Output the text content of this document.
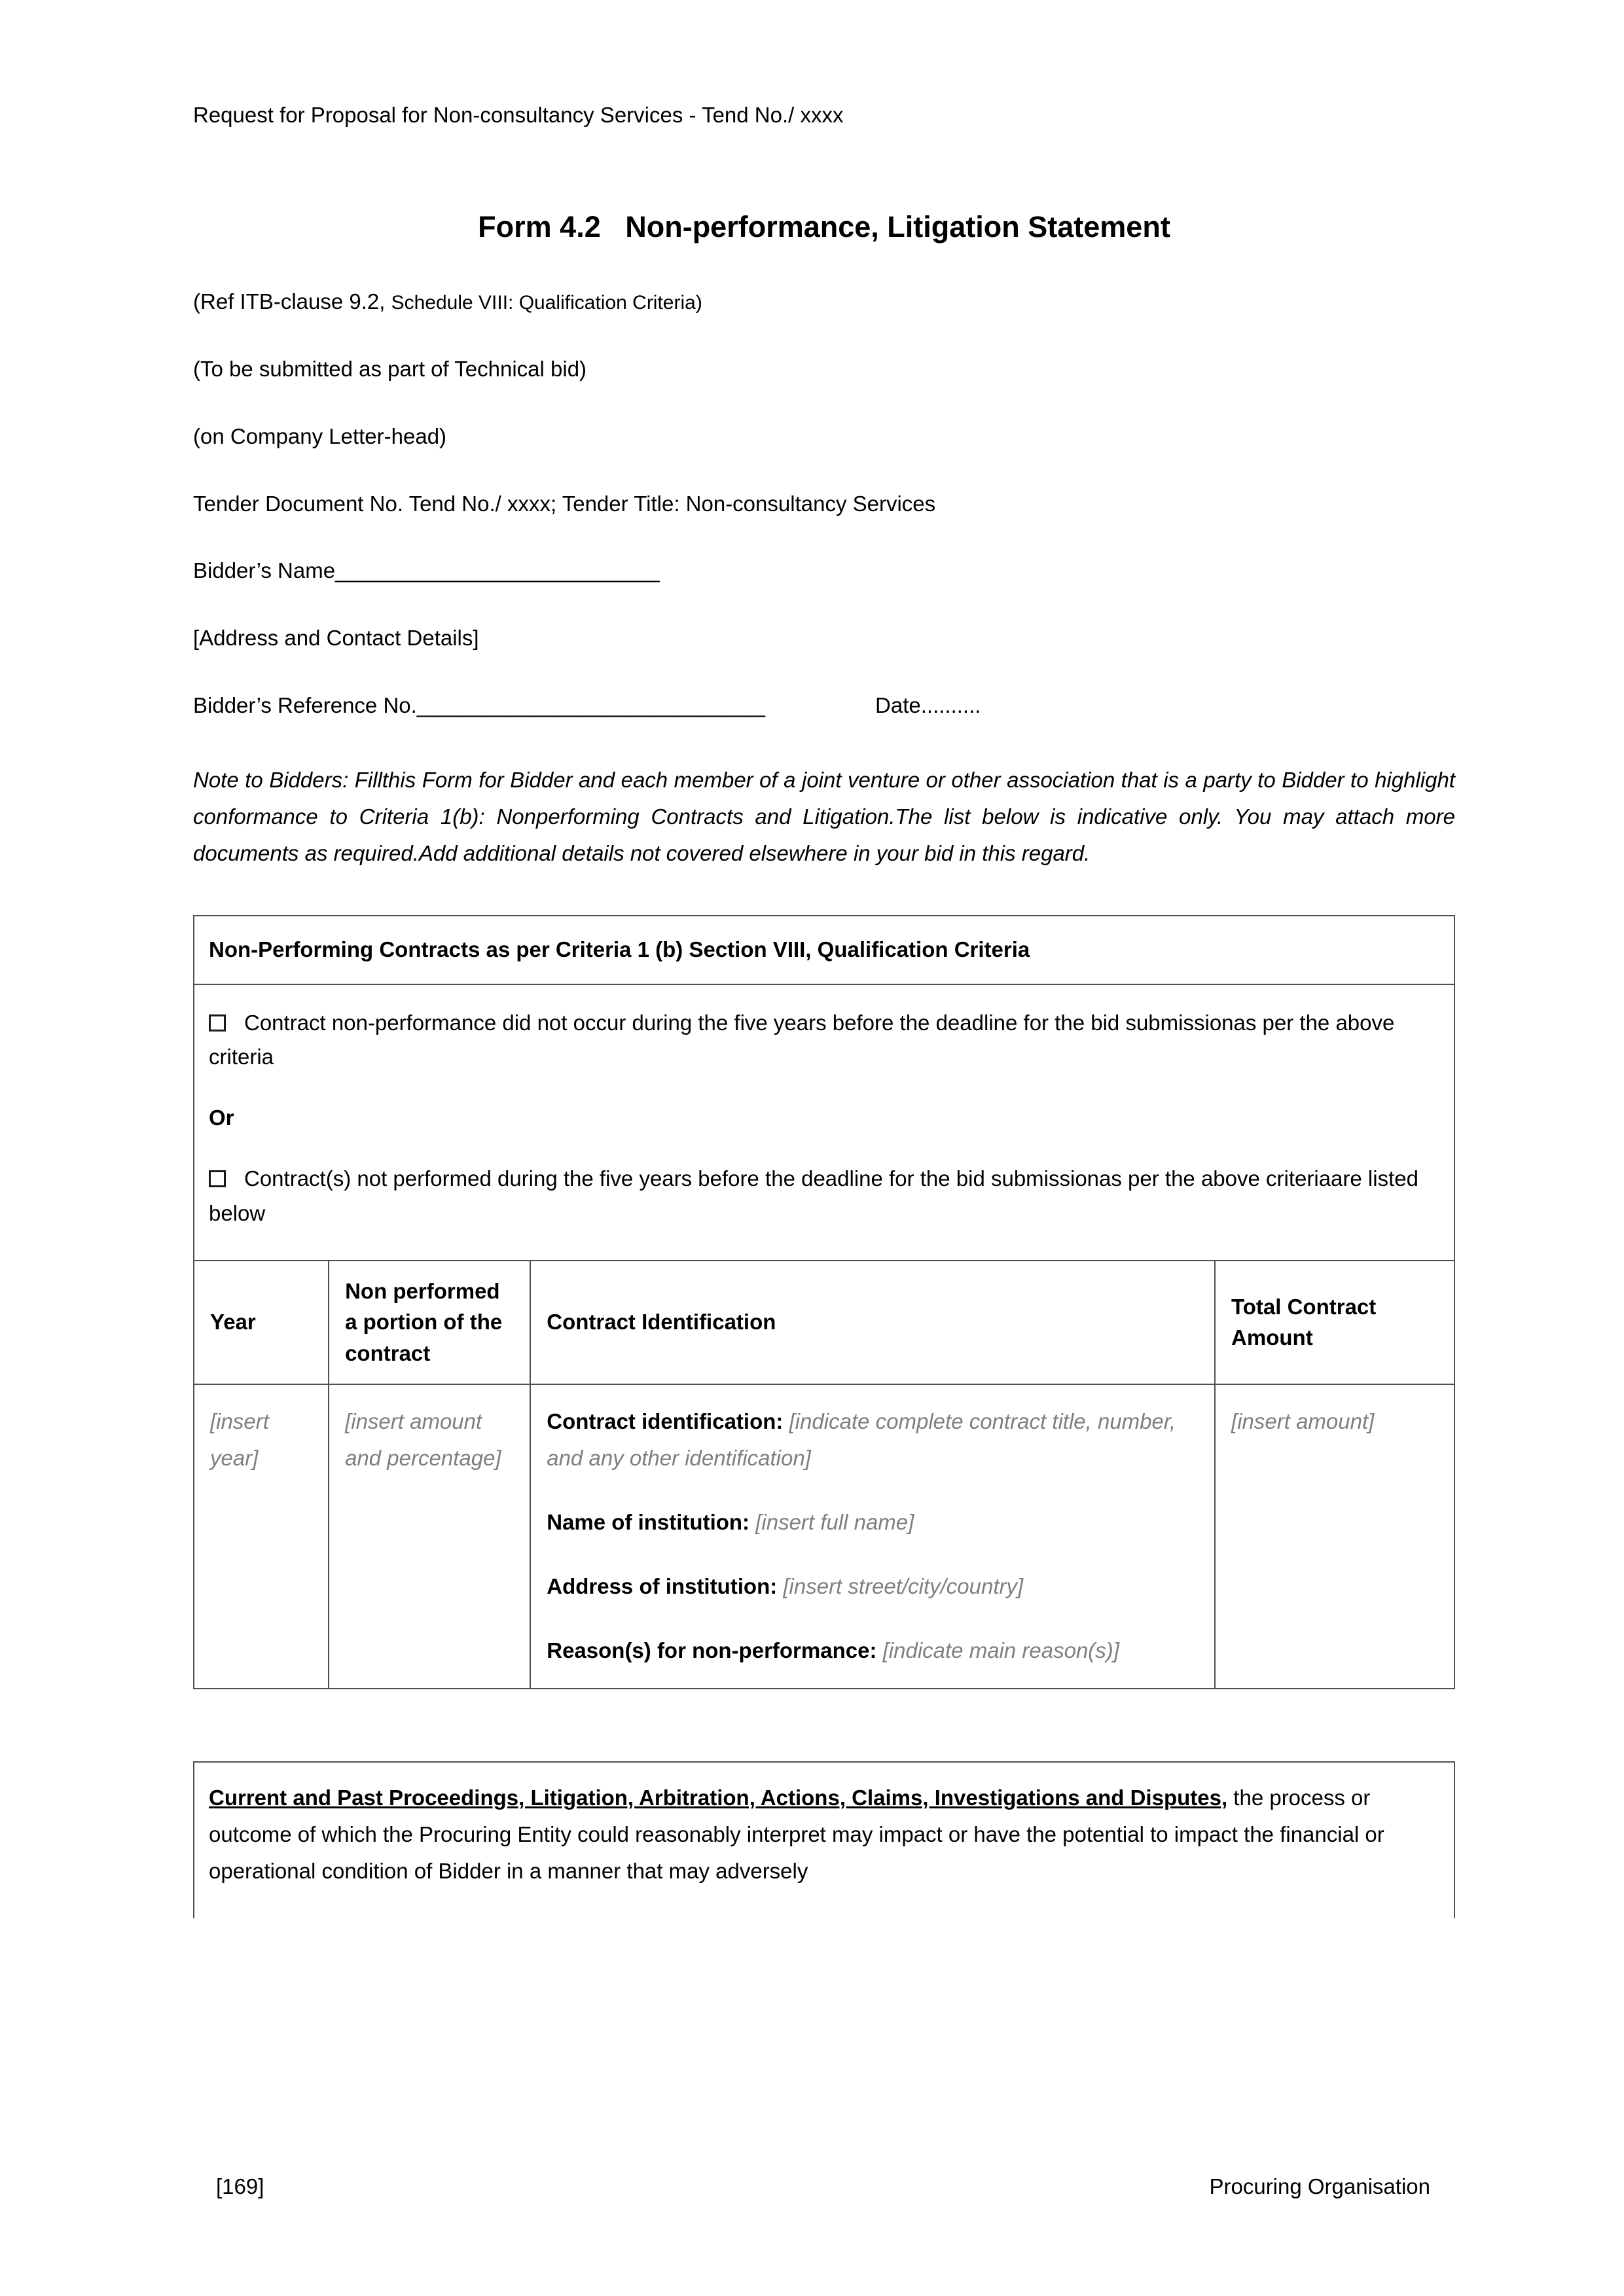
Request for Proposal for Non-consultancy Services - Tend No./ xxxx
Form 4.2   Non-performance, Litigation Statement

(Ref ITB-clause 9.2, Schedule VIII: Qualification Criteria)

(To be submitted as part of Technical bid)

(on Company Letter-head)

Tender Document No. Tend No./ xxxx; Tender Title: Non-consultancy Services

Bidder’s Name___________________________

[Address and Contact Details]

Bidder’s Reference No._____________________________	Date..........

Note to Bidders: Fillthis Form for Bidder and each member of a joint venture or other association that is a party to Bidder to highlight conformance to Criteria 1(b): Nonperforming Contracts and Litigation.The list below is indicative only. You may attach more documents as required.Add additional details not covered elsewhere in your bid in this regard.

Non-Performing Contracts as per Criteria 1 (b) Section VIII, Qualification Criteria

Contract non-performance did not occur during the five years before the deadline for the bid submissionas per the above criteria

Or

Contract(s) not performed during the five years before the deadline for the bid submissionas per the above criteriaare listed below

Year	Non performed a portion of the contract	Contract Identification	Total Contract Amount
[insert year]	[insert amount and percentage]	Contract identification: [indicate complete contract title, number, and any other identification]

Name of institution: [insert full name]

Address of institution: [insert street/city/country]

Reason(s) for non-performance: [indicate main reason(s)]	[insert amount]

Current and Past Proceedings, Litigation, Arbitration, Actions, Claims, Investigations and Disputes, the process or outcome of which the Procuring Entity could reasonably interpret may impact or have the potential to impact the financial or operational condition of Bidder in a manner that may adversely

[169]	Procuring Organisation
